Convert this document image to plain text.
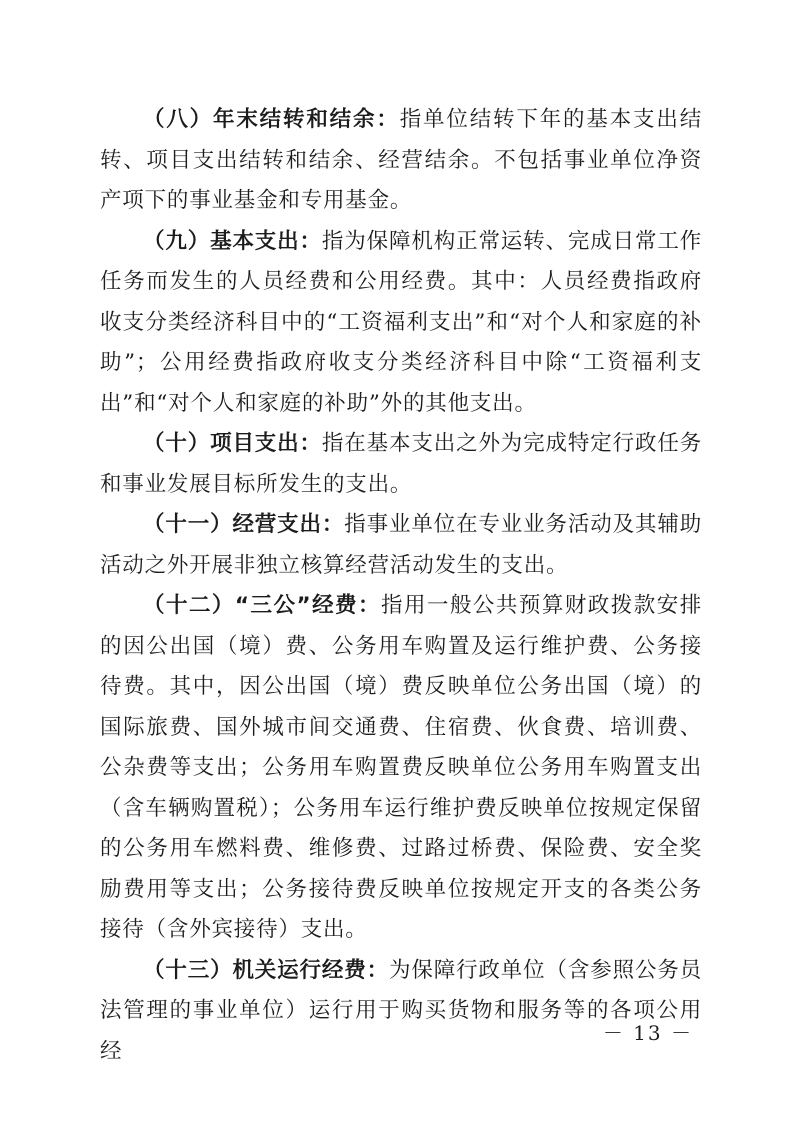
（八）年末结转和结余：指单位结转下年的基本支出结转、项目支出结转和结余、经营结余。不包括事业单位净资产项下的事业基金和专用基金。

（九）基本支出：指为保障机构正常运转、完成日常工作任务而发生的人员经费和公用经费。其中：人员经费指政府收支分类经济科目中的“工资福利支出”和“对个人和家庭的补助”；公用经费指政府收支分类经济科目中除“工资福利支出”和“对个人和家庭的补助”外的其他支出。

（十）项目支出：指在基本支出之外为完成特定行政任务和事业发展目标所发生的支出。

（十一）经营支出：指事业单位在专业业务活动及其辅助活动之外开展非独立核算经营活动发生的支出。

（十二）“三公”经费：指用一般公共预算财政拨款安排的因公出国（境）费、公务用车购置及运行维护费、公务接待费。其中，因公出国（境）费反映单位公务出国（境）的国际旅费、国外城市间交通费、住宿费、伙食费、培训费、公杂费等支出；公务用车购置费反映单位公务用车购置支出（含车辆购置税）；公务用车运行维护费反映单位按规定保留的公务用车燃料费、维修费、过路过桥费、保险费、安全奖励费用等支出；公务接待费反映单位按规定开支的各类公务接待（含外宾接待）支出。

（十三）机关运行经费：为保障行政单位（含参照公务员法管理的事业单位）运行用于购买货物和服务等的各项公用经

－ 13 －
